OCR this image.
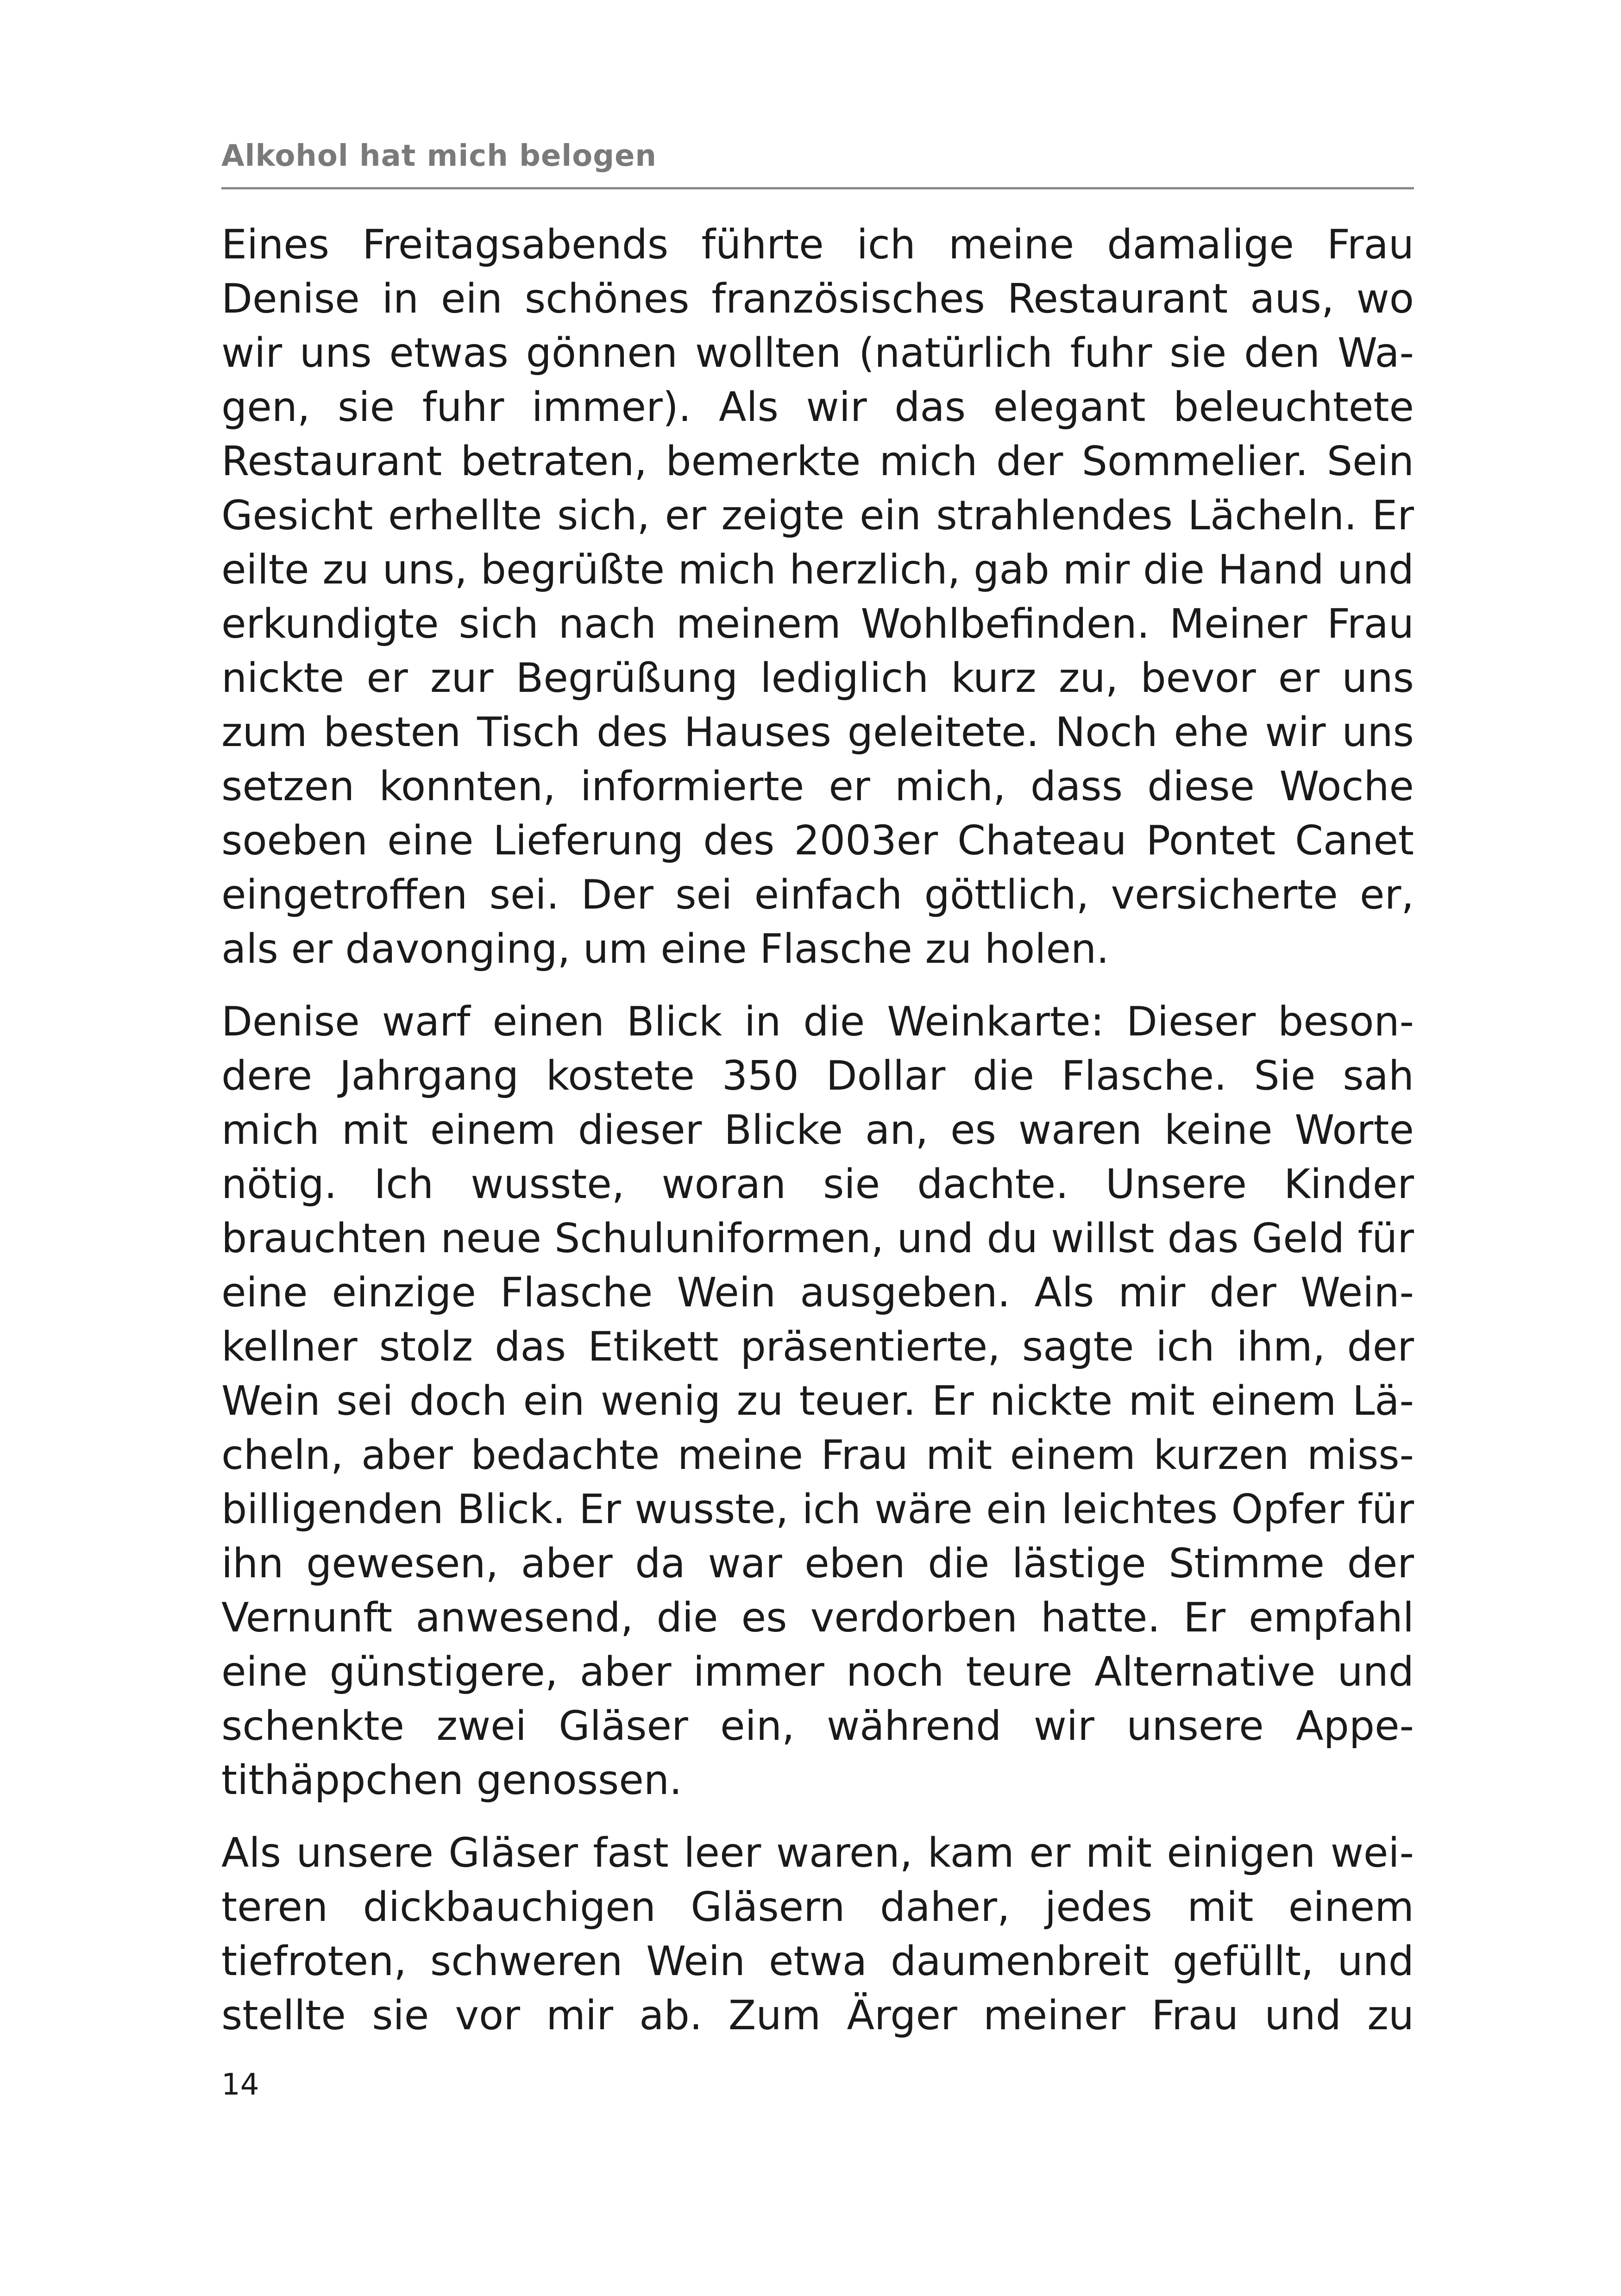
Alkohol hat mich belogen
Eines Freitagsabends führte ich meine damalige Frau
Denise in ein schönes französisches Restaurant aus, wo
wir uns etwas gönnen wollten (natürlich fuhr sie den Wa-
gen, sie fuhr immer). Als wir das elegant beleuchtete
Restaurant betraten, bemerkte mich der Sommelier. Sein
Gesicht erhellte sich, er zeigte ein strahlendes Lächeln. Er
eilte zu uns, begrüßte mich herzlich, gab mir die Hand und
erkundigte sich nach meinem Wohlbefinden. Meiner Frau
nickte er zur Begrüßung lediglich kurz zu, bevor er uns
zum besten Tisch des Hauses geleitete. Noch ehe wir uns
setzen konnten, informierte er mich, dass diese Woche
soeben eine Lieferung des 2003er Chateau Pontet Canet
eingetroffen sei. Der sei einfach göttlich, versicherte er,
als er davonging, um eine Flasche zu holen.
Denise warf einen Blick in die Weinkarte: Dieser beson-
dere Jahrgang kostete 350 Dollar die Flasche. Sie sah
mich mit einem dieser Blicke an, es waren keine Worte
nötig. Ich wusste, woran sie dachte. Unsere Kinder
brauchten neue Schuluniformen, und du willst das Geld für
eine einzige Flasche Wein ausgeben. Als mir der Wein-
kellner stolz das Etikett präsentierte, sagte ich ihm, der
Wein sei doch ein wenig zu teuer. Er nickte mit einem Lä-
cheln, aber bedachte meine Frau mit einem kurzen miss-
billigenden Blick. Er wusste, ich wäre ein leichtes Opfer für
ihn gewesen, aber da war eben die lästige Stimme der
Vernunft anwesend, die es verdorben hatte. Er empfahl
eine günstigere, aber immer noch teure Alternative und
schenkte zwei Gläser ein, während wir unsere Appe-
tithäppchen genossen.
Als unsere Gläser fast leer waren, kam er mit einigen wei-
teren dickbauchigen Gläsern daher, jedes mit einem
tiefroten, schweren Wein etwa daumenbreit gefüllt, und
stellte sie vor mir ab. Zum Ärger meiner Frau und zu
14
